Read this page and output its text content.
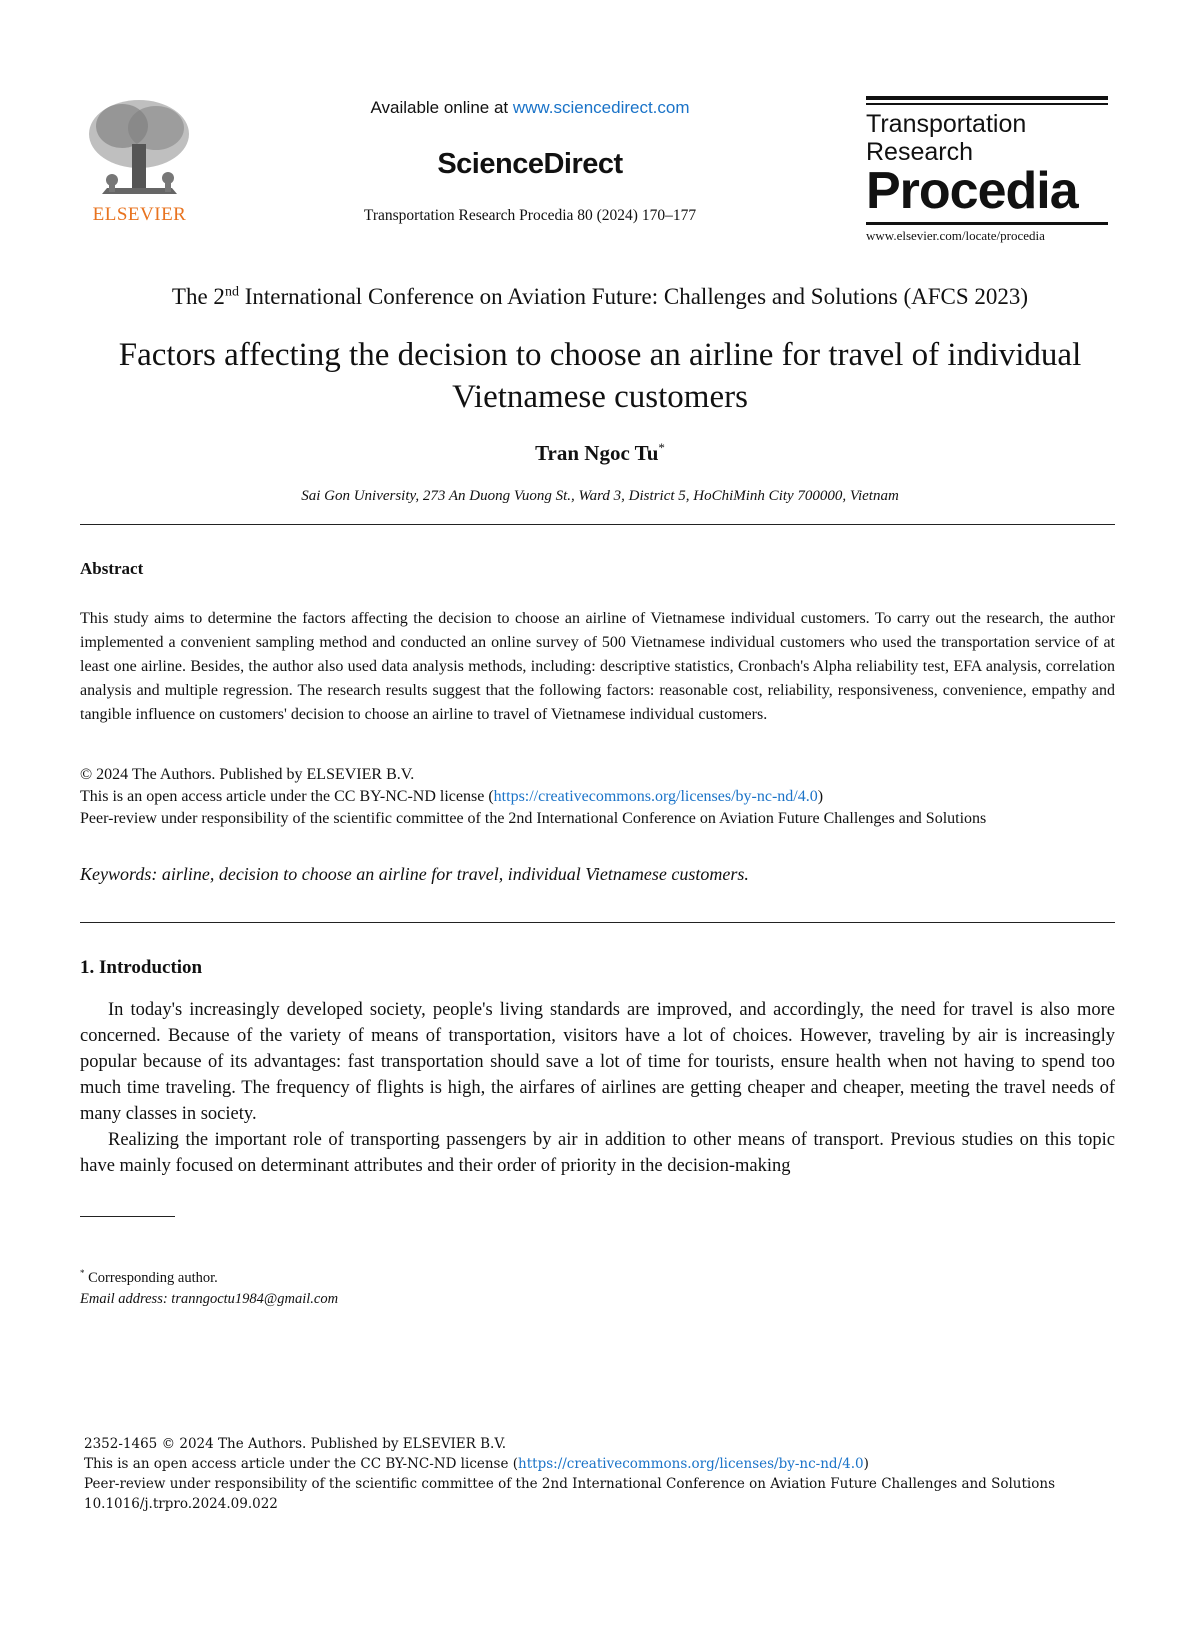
ELSEVIER
Available online at www.sciencedirect.com
ScienceDirect
Transportation Research Procedia 80 (2024) 170–177
Transportation
Research
Procedia
www.elsevier.com/locate/procedia
The 2nd International Conference on Aviation Future: Challenges and Solutions (AFCS 2023)
Factors affecting the decision to choose an airline for travel of individual Vietnamese customers
Tran Ngoc Tu*
Sai Gon University, 273 An Duong Vuong St., Ward 3, District 5, HoChiMinh City 700000, Vietnam
Abstract
This study aims to determine the factors affecting the decision to choose an airline of Vietnamese individual customers. To carry out the research, the author implemented a convenient sampling method and conducted an online survey of 500 Vietnamese individual customers who used the transportation service of at least one airline. Besides, the author also used data analysis methods, including: descriptive statistics, Cronbach's Alpha reliability test, EFA analysis, correlation analysis and multiple regression. The research results suggest that the following factors: reasonable cost, reliability, responsiveness, convenience, empathy and tangible influence on customers' decision to choose an airline to travel of Vietnamese individual customers.
© 2024 The Authors. Published by ELSEVIER B.V.
This is an open access article under the CC BY-NC-ND license (https://creativecommons.org/licenses/by-nc-nd/4.0)
Peer-review under responsibility of the scientific committee of the 2nd International Conference on Aviation Future Challenges and Solutions
Keywords: airline, decision to choose an airline for travel, individual Vietnamese customers.
1. Introduction
In today's increasingly developed society, people's living standards are improved, and accordingly, the need for travel is also more concerned. Because of the variety of means of transportation, visitors have a lot of choices. However, traveling by air is increasingly popular because of its advantages: fast transportation should save a lot of time for tourists, ensure health when not having to spend too much time traveling. The frequency of flights is high, the airfares of airlines are getting cheaper and cheaper, meeting the travel needs of many classes in society.
Realizing the important role of transporting passengers by air in addition to other means of transport. Previous studies on this topic have mainly focused on determinant attributes and their order of priority in the decision-making
* Corresponding author.
Email address: tranngoctu1984@gmail.com
2352-1465 © 2024 The Authors. Published by ELSEVIER B.V.
This is an open access article under the CC BY-NC-ND license (https://creativecommons.org/licenses/by-nc-nd/4.0)
Peer-review under responsibility of the scientific committee of the 2nd International Conference on Aviation Future Challenges and Solutions
10.1016/j.trpro.2024.09.022
